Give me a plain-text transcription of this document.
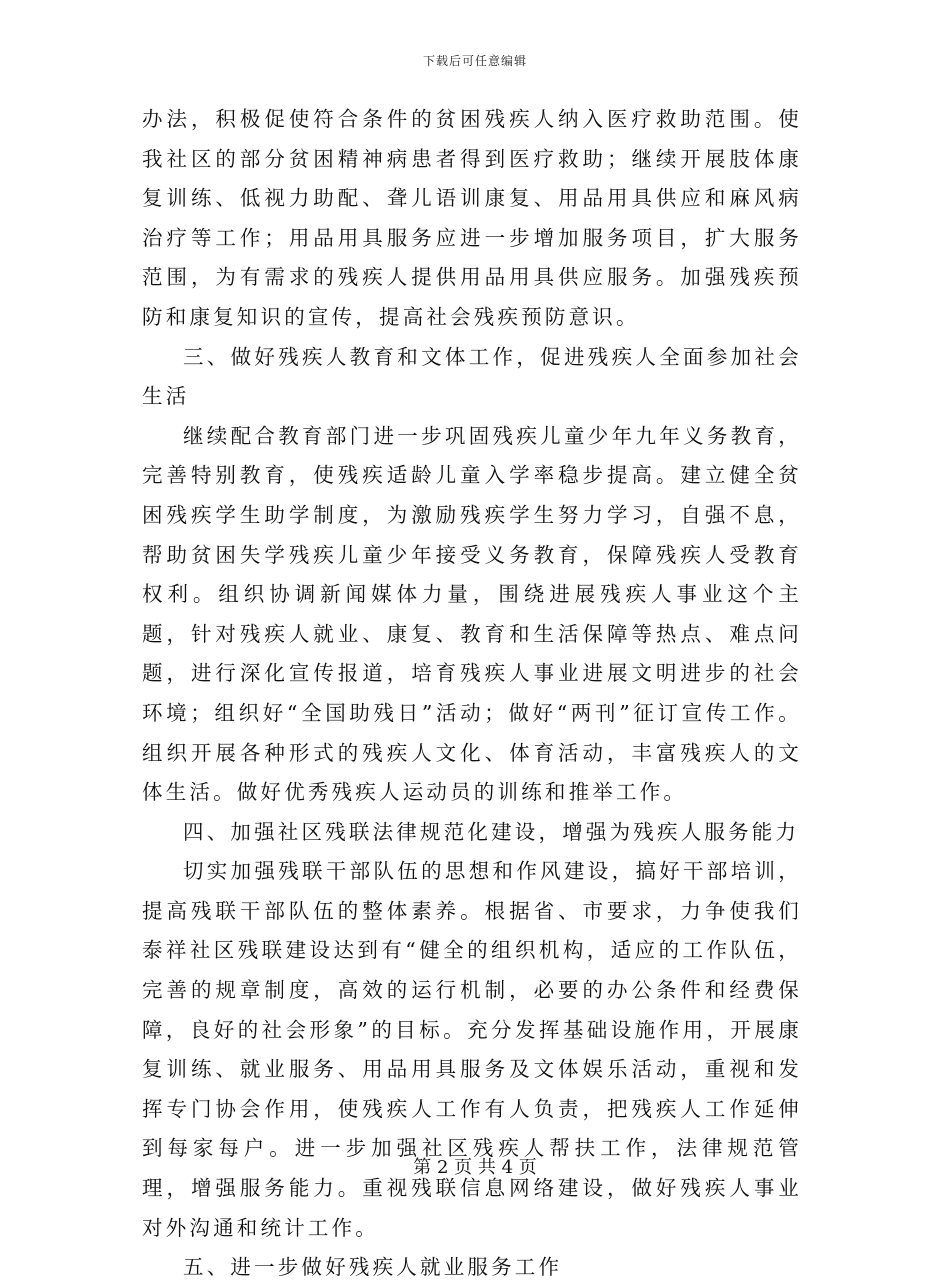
下载后可任意编辑

办法，积极促使符合条件的贫困残疾人纳入医疗救助范围。使我社区的部分贫困精神病患者得到医疗救助；继续开展肢体康复训练、低视力助配、聋儿语训康复、用品用具供应和麻风病治疗等工作；用品用具服务应进一步增加服务项目，扩大服务范围，为有需求的残疾人提供用品用具供应服务。加强残疾预防和康复知识的宣传，提高社会残疾预防意识。

三、做好残疾人教育和文体工作，促进残疾人全面参加社会生活

继续配合教育部门进一步巩固残疾儿童少年九年义务教育，完善特别教育，使残疾适龄儿童入学率稳步提高。建立健全贫困残疾学生助学制度，为激励残疾学生努力学习，自强不息，帮助贫困失学残疾儿童少年接受义务教育，保障残疾人受教育权利。组织协调新闻媒体力量，围绕进展残疾人事业这个主题，针对残疾人就业、康复、教育和生活保障等热点、难点问题，进行深化宣传报道，培育残疾人事业进展文明进步的社会环境；组织好“全国助残日”活动；做好“两刊”征订宣传工作。组织开展各种形式的残疾人文化、体育活动，丰富残疾人的文体生活。做好优秀残疾人运动员的训练和推举工作。

四、加强社区残联法律规范化建设，增强为残疾人服务能力

切实加强残联干部队伍的思想和作风建设，搞好干部培训，提高残联干部队伍的整体素养。根据省、市要求，力争使我们泰祥社区残联建设达到有“健全的组织机构，适应的工作队伍，完善的规章制度，高效的运行机制，必要的办公条件和经费保障，良好的社会形象”的目标。充分发挥基础设施作用，开展康复训练、就业服务、用品用具服务及文体娱乐活动，重视和发挥专门协会作用，使残疾人工作有人负责，把残疾人工作延伸到每家每户。进一步加强社区残疾人帮扶工作，法律规范管理，增强服务能力。重视残联信息网络建设，做好残疾人事业对外沟通和统计工作。

五、进一步做好残疾人就业服务工作

第 2 页 共 4 页
